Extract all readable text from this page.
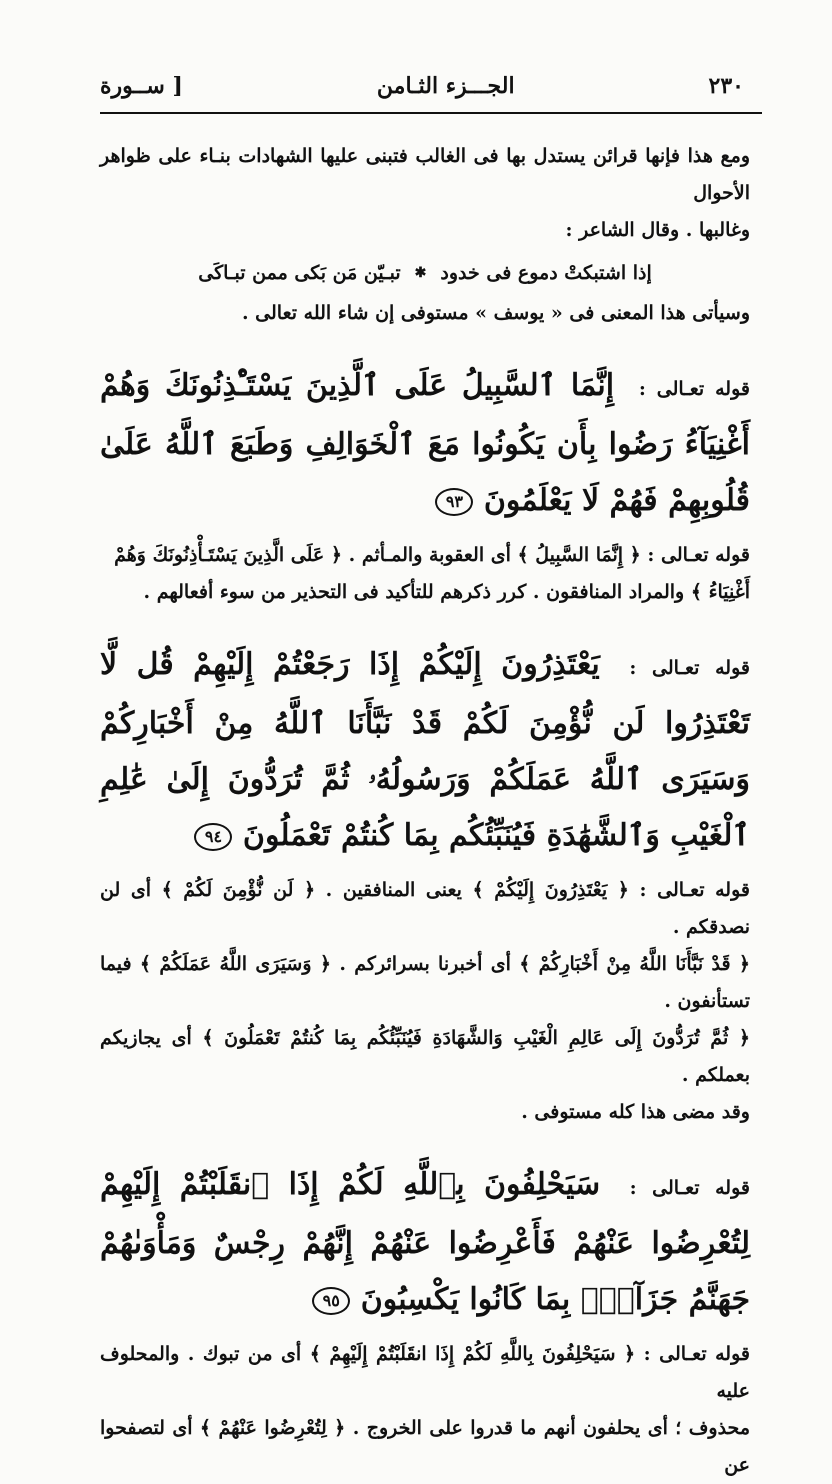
٢٣٠
الجـــزء الثـامن
[ ســورة

ومع هذا فإنها قرائن يستدل بها فى الغالب فتبنى عليها الشهادات بنـاء على ظواهر الأحوال

وغالبها . وقال الشاعر :

إذا اشتبكتْ دموع فى خدود
✱
تبـيّن مَن بَكى ممن تبـاكَى

وسيأتى هذا المعنى فى « يوسف » مستوفى إن شاء الله تعالى .

قوله تعـالى : إِنَّمَا ٱلسَّبِيلُ عَلَى ٱلَّذِينَ يَسْتَـْٔذِنُونَكَ وَهُمْ أَغْنِيَآءُ رَضُوا بِأَن يَكُونُوا مَعَ ٱلْخَوَالِفِ وَطَبَعَ ٱللَّهُ عَلَىٰ قُلُوبِهِمْ فَهُمْ لَا يَعْلَمُونَ ٩٣

قوله تعـالى : ﴿ إِنَّمَا السَّبِيلُ ﴾ أى العقوبة والمـأثم . ﴿ عَلَى الَّذِينَ يَسْتَـأْذِنُونَكَ وَهُمْ

أَغْنِيَاءُ ﴾ والمراد المنافقون . كرر ذكرهم للتأكيد فى التحذير من سوء أفعالهم .

قوله تعـالى : يَعْتَذِرُونَ إِلَيْكُمْ إِذَا رَجَعْتُمْ إِلَيْهِمْ قُل لَّا تَعْتَذِرُوا لَن نُّؤْمِنَ لَكُمْ قَدْ نَبَّأَنَا ٱللَّهُ مِنْ أَخْبَارِكُمْ وَسَيَرَى ٱللَّهُ عَمَلَكُمْ وَرَسُولُهُۥ ثُمَّ تُرَدُّونَ إِلَىٰ عَٰلِمِ ٱلْغَيْبِ وَٱلشَّهَٰدَةِ فَيُنَبِّئُكُم بِمَا كُنتُمْ تَعْمَلُونَ ٩٤

قوله تعـالى : ﴿ يَعْتَذِرُونَ إِلَيْكُمْ ﴾ يعنى المنافقين . ﴿ لَن نُّؤْمِنَ لَكُمْ ﴾ أى لن نصدقكم .

﴿ قَدْ نَبَّأَنَا اللَّهُ مِنْ أَخْبَارِكُمْ ﴾ أى أخبرنا بسرائركم . ﴿ وَسَيَرَى اللَّهُ عَمَلَكُمْ ﴾ فيما تستأنفون .

﴿ ثُمَّ تُرَدُّونَ إِلَى عَالِمِ الْغَيْبِ وَالشَّهَادَةِ فَيُنَبِّئُكُم بِمَا كُنتُمْ تَعْمَلُونَ ﴾ أى يجازيكم بعملكم .

وقد مضى هذا كله مستوفى .

قوله تعـالى : سَيَحْلِفُونَ بِٱللَّهِ لَكُمْ إِذَا ٱنقَلَبْتُمْ إِلَيْهِمْ لِتُعْرِضُوا عَنْهُمْ فَأَعْرِضُوا عَنْهُمْ إِنَّهُمْ رِجْسٌ وَمَأْوَىٰهُمْ جَهَنَّمُ جَزَآءًۢ بِمَا كَانُوا يَكْسِبُونَ ٩٥

قوله تعـالى : ﴿ سَيَحْلِفُونَ بِاللَّهِ لَكُمْ إِذَا انقَلَبْتُمْ إِلَيْهِمْ ﴾ أى من تبوك . والمحلوف عليه

محذوف ؛ أى يحلفون أنهم ما قدروا على الخروج . ﴿ لِتُعْرِضُوا عَنْهُمْ ﴾ أى لتصفحوا عن
